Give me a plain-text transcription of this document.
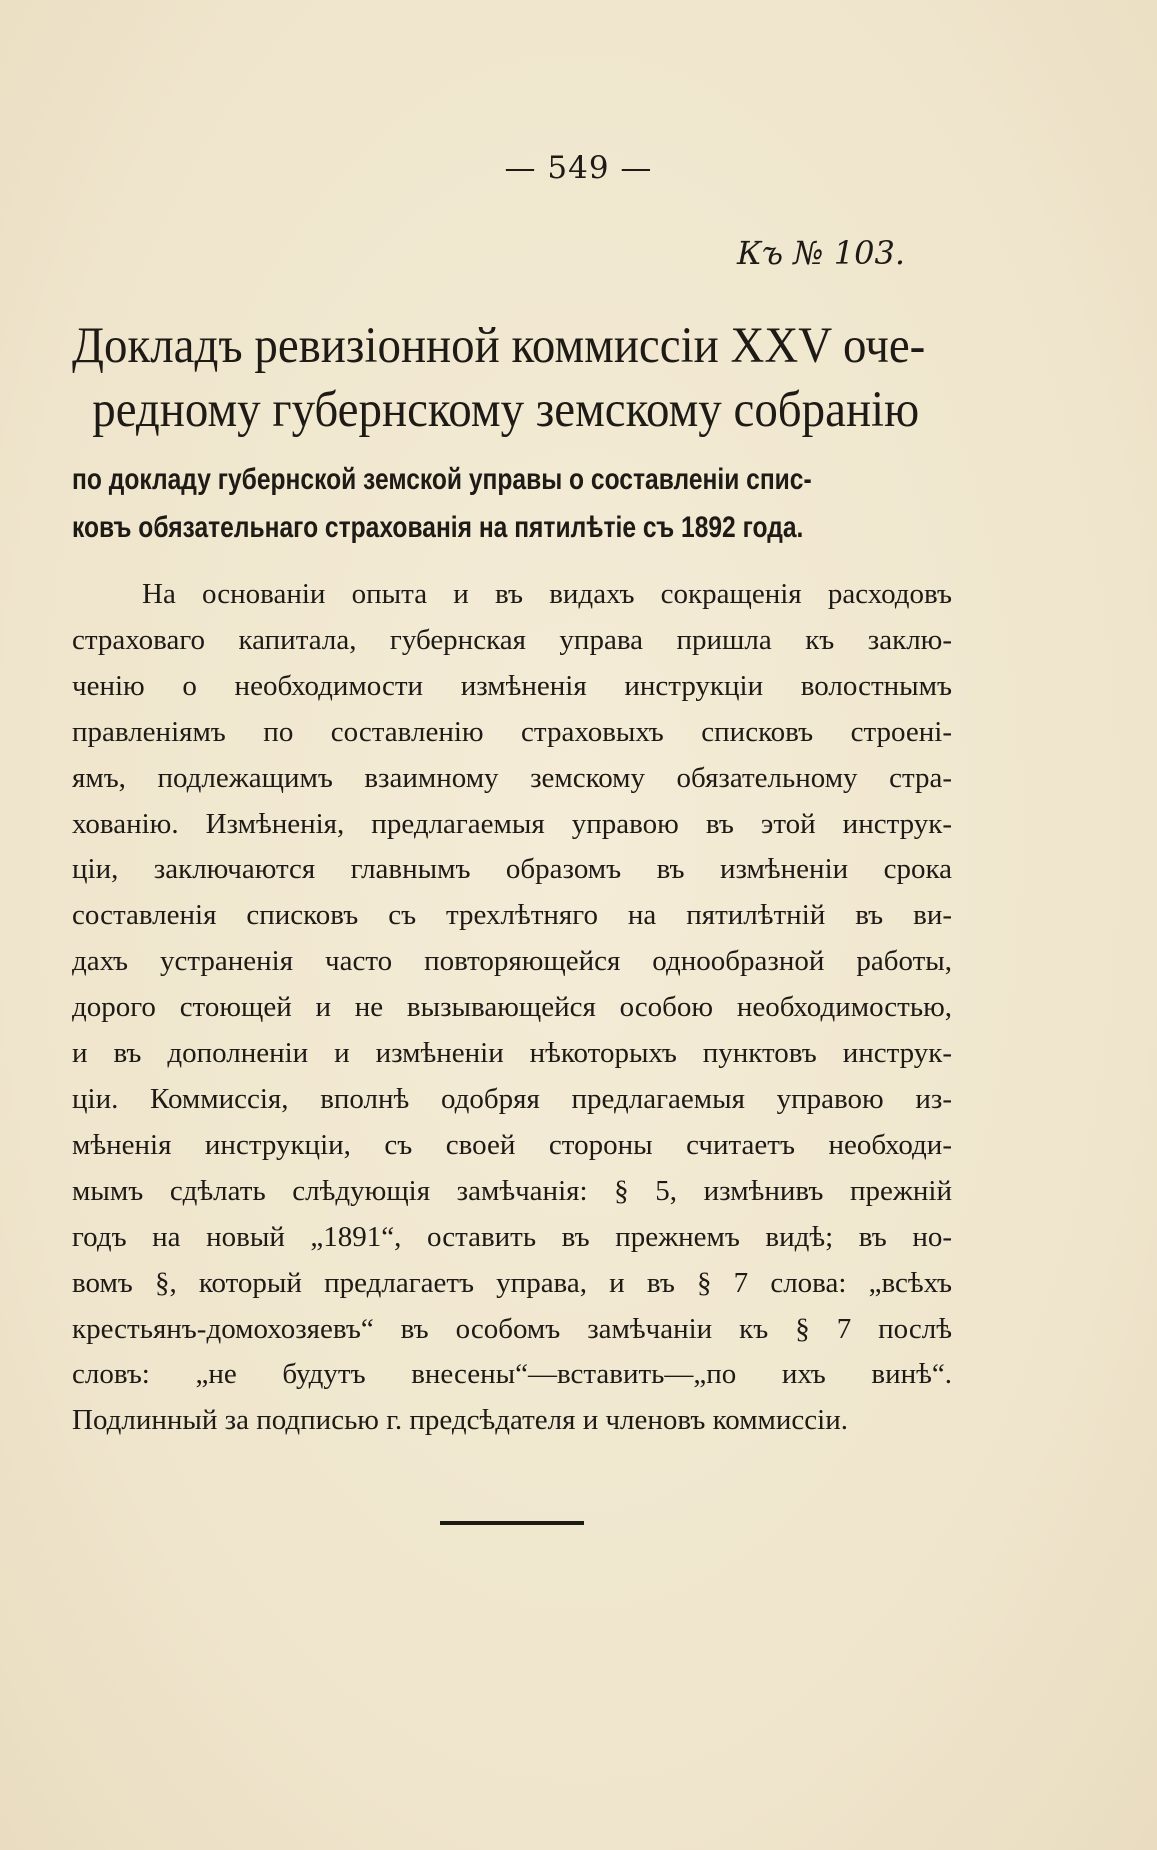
— 549 —
Къ № 103.
Докладъ ревизiонной коммиссiи XXV оче-
редному губернскому земскому собранiю
по докладу губернской земской управы о составленiи спис-
ковъ обязательнаго страхованiя на пятилѣтiе съ 1892 года.
На основанiи опыта и въ видахъ сокращенiя расходовъ
страховаго капитала, губернская управа пришла къ заклю-
ченiю о необходимости измѣненiя инструкцiи волостнымъ
правленiямъ по составленiю страховыхъ списковъ строенi-
ямъ, подлежащимъ взаимному земскому обязательному стра-
хованiю. Измѣненiя, предлагаемыя управою въ этой инструк-
цiи, заключаются главнымъ образомъ въ измѣненiи срока
составленiя списковъ съ трехлѣтняго на пятилѣтнiй въ ви-
дахъ устраненiя часто повторяющейся однообразной работы,
дорого стоющей и не вызывающейся особою необходимостью,
и въ дополненiи и измѣненiи нѣкоторыхъ пунктовъ инструк-
цiи. Коммиссiя, вполнѣ одобряя предлагаемыя управою из-
мѣненiя инструкцiи, съ своей стороны считаетъ необходи-
мымъ сдѣлать слѣдующiя замѣчанiя: § 5, измѣнивъ прежнiй
годъ на новый „1891“, оставить въ прежнемъ видѣ; въ но-
вомъ §, который предлагаетъ управа, и въ § 7 слова: „всѣхъ
крестьянъ-домохозяевъ“ въ особомъ замѣчанiи къ § 7 послѣ
словъ: „не будутъ внесены“—вставить—„по ихъ винѣ“.
Подлинный за подписью г. предсѣдателя и членовъ коммиссiи.
